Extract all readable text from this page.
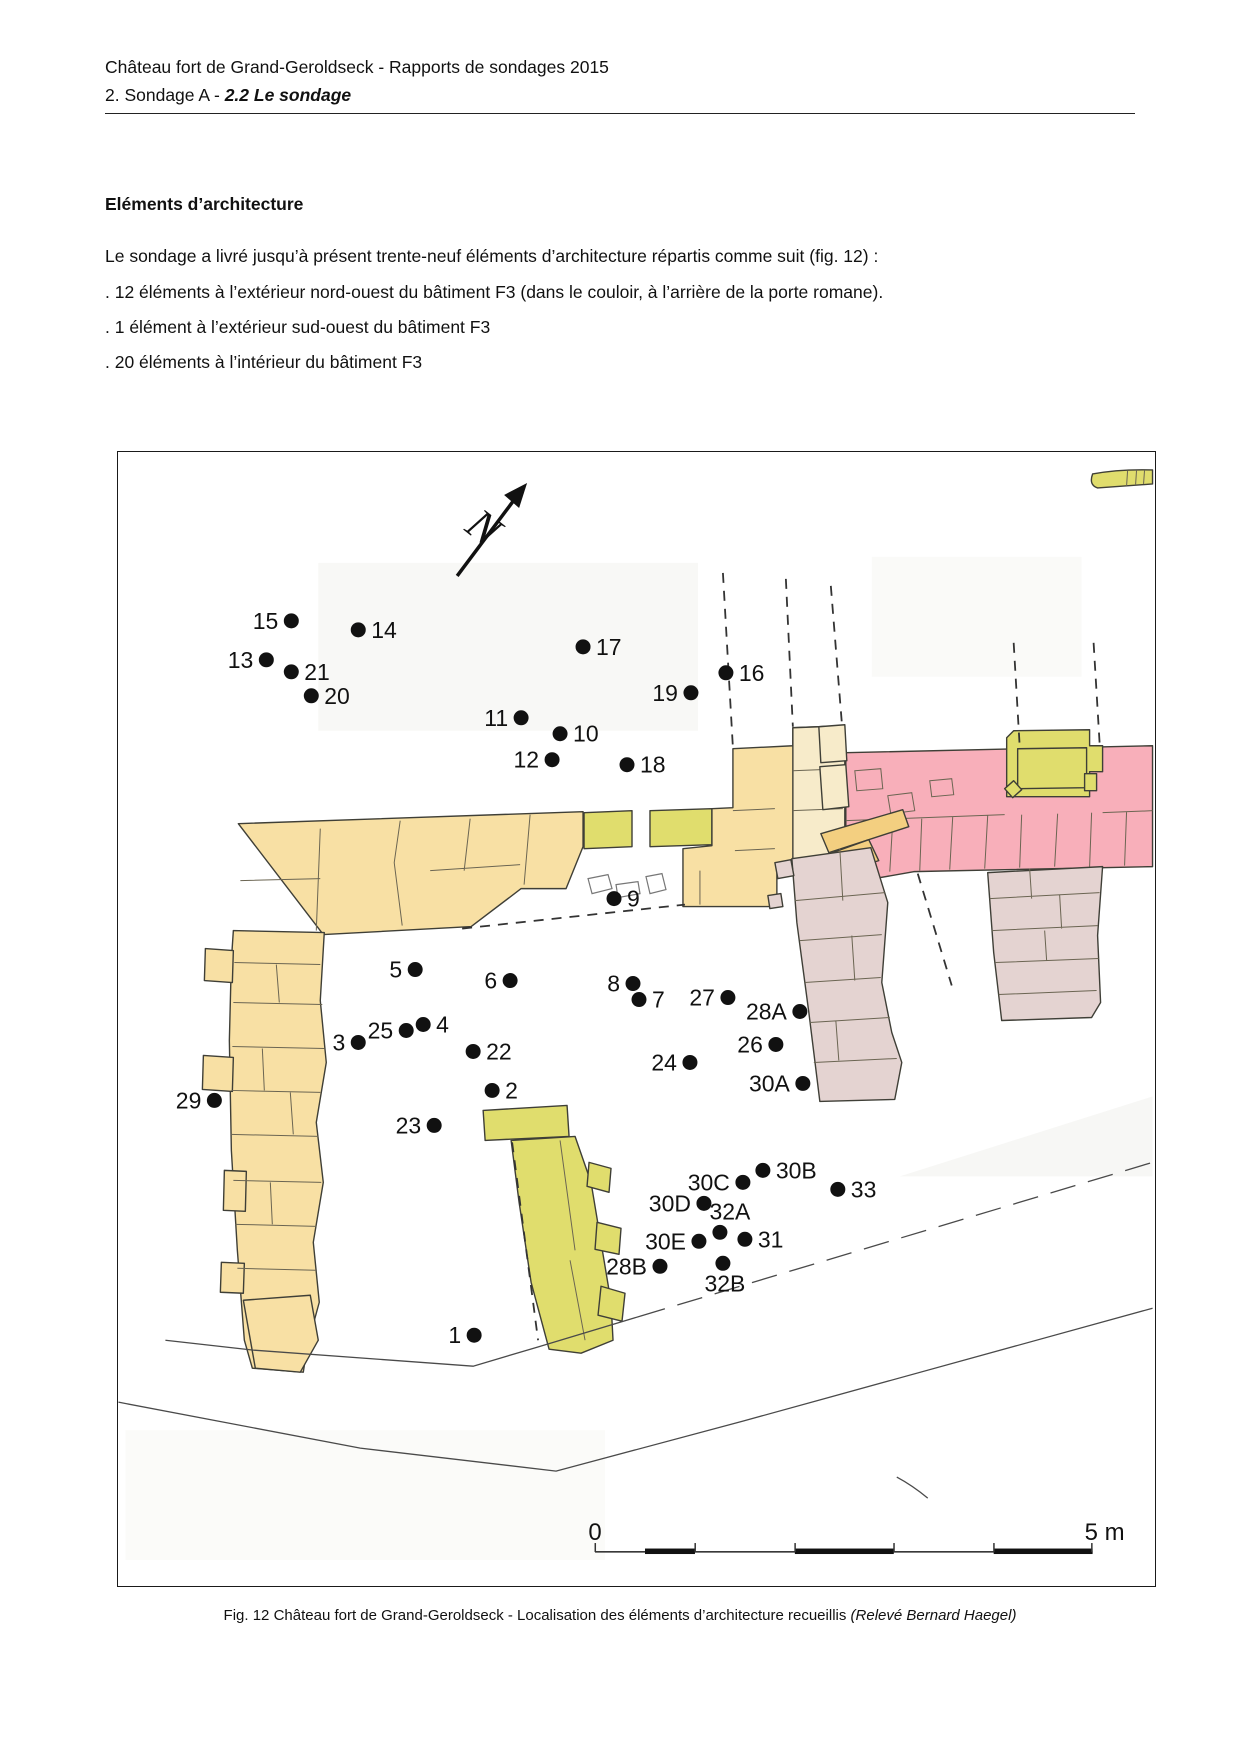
Château fort de Grand-Geroldseck - Rapports de sondages 2015
2. Sondage A - 2.2 Le sondage
Eléments d’architecture
Le sondage a livré jusqu’à présent trente-neuf éléments d’architecture répartis comme suit (fig. 12) :
. 12 éléments à l’extérieur nord-ouest du bâtiment F3 (dans le couloir, à l’arrière de la porte romane).
. 1 élément à l’extérieur sud-ouest du bâtiment F3
. 20 éléments à l’intérieur du bâtiment F3
N
0	5 m
15	14
13 21
20
17
16
19
11
10
12	18
9
5	6	8
7 27
28A
26
24
30A
25 4
3	22
2
23
29
30B
30C	33
30D 32A
30E	31
28B
32B
1
Fig. 12 Château fort de Grand-Geroldseck - Localisation des éléments d’architecture recueillis (Relevé Bernard Haegel)
